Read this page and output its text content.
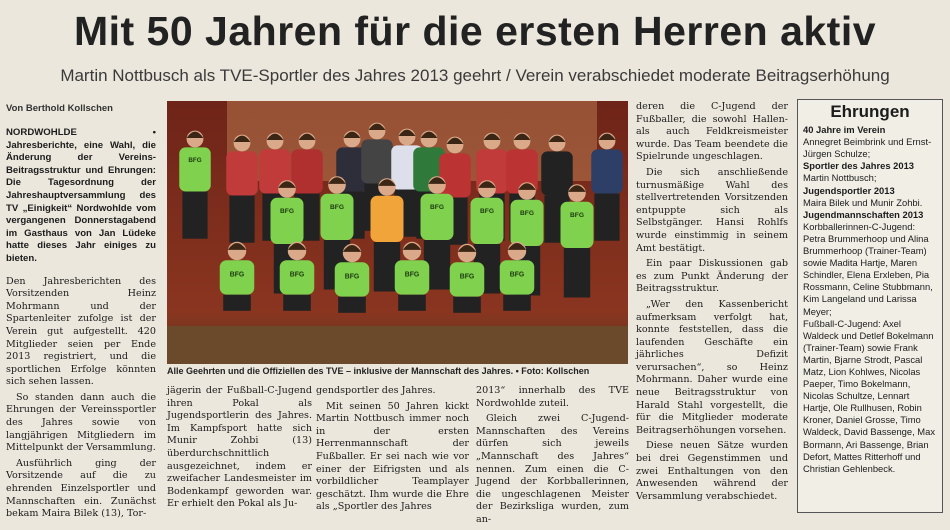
Mit 50 Jahren für die ersten Herren aktiv
Martin Nottbusch als TVE-Sportler des Jahres 2013 geehrt / Verein verabschiedet moderate Beitragserhöhung
Von Berthold Kollschen

NORDWOHLDE • Jahresberichte, eine Wahl, die Änderung der Vereins-Beitragsstruktur und Ehrungen: Die Tagesordnung der Jahreshauptversammlung des TV „Einigkeit“ Nordwohlde vom vergangenen Donnerstagabend im Gasthaus von Jan Lüdeke hatte dieses Jahr einiges zu bieten.

Den Jahresberichten des Vorsitzenden Heinz Mohrmann und der Spartenleiter zufolge ist der Verein gut aufgestellt. 420 Mitglieder seien per Ende 2013 registriert, und die sportlichen Erfolge könnten sich sehen lassen.

So standen dann auch die Ehrungen der Vereinssportler des Jahres sowie von langjährigen Mitgliedern im Mittelpunkt der Versammlung.

Ausführlich ging der Vorsitzende auf die zu ehrenden Einzelsportler und Mannschaften ein. Zunächst bekam Maira Bilek (13), Tor-

BFG
BFG
BFG	BFG
BFG	BFG	BFG
BFG	BFG	BFG	BFG	BFG	BFG
Alle Geehrten und die Offiziellen des TVE – inklusive der Mannschaft des Jahres. • Foto: Kollschen

jägerin der Fußball-C-Jugend ihren Pokal als Jugendsportlerin des Jahres. Im Kampfsport hatte sich Munir Zohbi (13) überdurchschnittlich ausgezeichnet, indem er zweifacher Landesmeister im Bodenkampf geworden war. Er erhielt den Pokal als Ju-

gendsportler des Jahres.

Mit seinen 50 Jahren kickt Martin Nottbusch immer noch in der ersten Herrenmannschaft der Fußballer. Er sei nach wie vor einer der Eifrigsten und als vorbildlicher Teamplayer geschätzt. Ihm wurde die Ehre als „Sportler des Jahres

2013“ innerhalb des TVE Nordwohlde zuteil.

Gleich zwei C-Jugend-Mannschaften des Vereins dürfen sich jeweils „Mannschaft des Jahres“ nennen. Zum einen die C-Jugend der Korbballerinnen, die ungeschlagenen Meister der Bezirksliga wurden, zum an-

deren die C-Jugend der Fußballer, die sowohl Hallen- als auch Feldkreismeister wurde. Das Team beendete die Spielrunde ungeschlagen.

Die sich anschließende turnusmäßige Wahl des stellvertretenden Vorsitzenden entpuppte sich als Selbstgänger. Hansi Rohlfs wurde einstimmig in seinem Amt bestätigt.

Ein paar Diskussionen gab es zum Punkt Änderung der Beitragsstruktur.

„Wer den Kassenbericht aufmerksam verfolgt hat, konnte feststellen, dass die laufenden Geschäfte ein jährliches Defizit verursachen“, so Heinz Mohrmann. Daher wurde eine neue Beitragsstruktur von Harald Stahl vorgestellt, die für die Mitglieder moderate Beitragserhöhungen vorsehen.

Diese neuen Sätze wurden bei drei Gegenstimmen und zwei Enthaltungen von den Anwesenden während der Versammlung verabschiedet.

Ehrungen
40 Jahre im Verein
Annegret Beimbrink und Ernst-Jürgen Schulze;
Sportler des Jahres 2013
Martin Nottbusch;
Jugendsportler 2013
Maira Bilek und Munir Zohbi.
Jugendmannschaften 2013
Korbballerinnen-C-Jugend: Petra Brummerhoop und Alina Brummerhoop (Trainer-Team) sowie Madita Hartje, Maren Schindler, Elena Erxleben, Pia Rossmann, Celine Stubbmann, Kim Langeland und Larissa Meyer;
Fußball-C-Jugend: Axel Waldeck und Detlef Bokelmann (Trainer-Team) sowie Frank Martin, Bjarne Strodt, Pascal Matz, Lion Kohlwes, Nicolas Paeper, Timo Bokelmann, Nicolas Schultze, Lennart Hartje, Ole Rullhusen, Robin Kroner, Daniel Grosse, Timo Waldeck, David Bassenge, Max Bormann, Ari Bassenge, Brian Defort, Mattes Ritterhoff und Christian Gehlenbeck.
